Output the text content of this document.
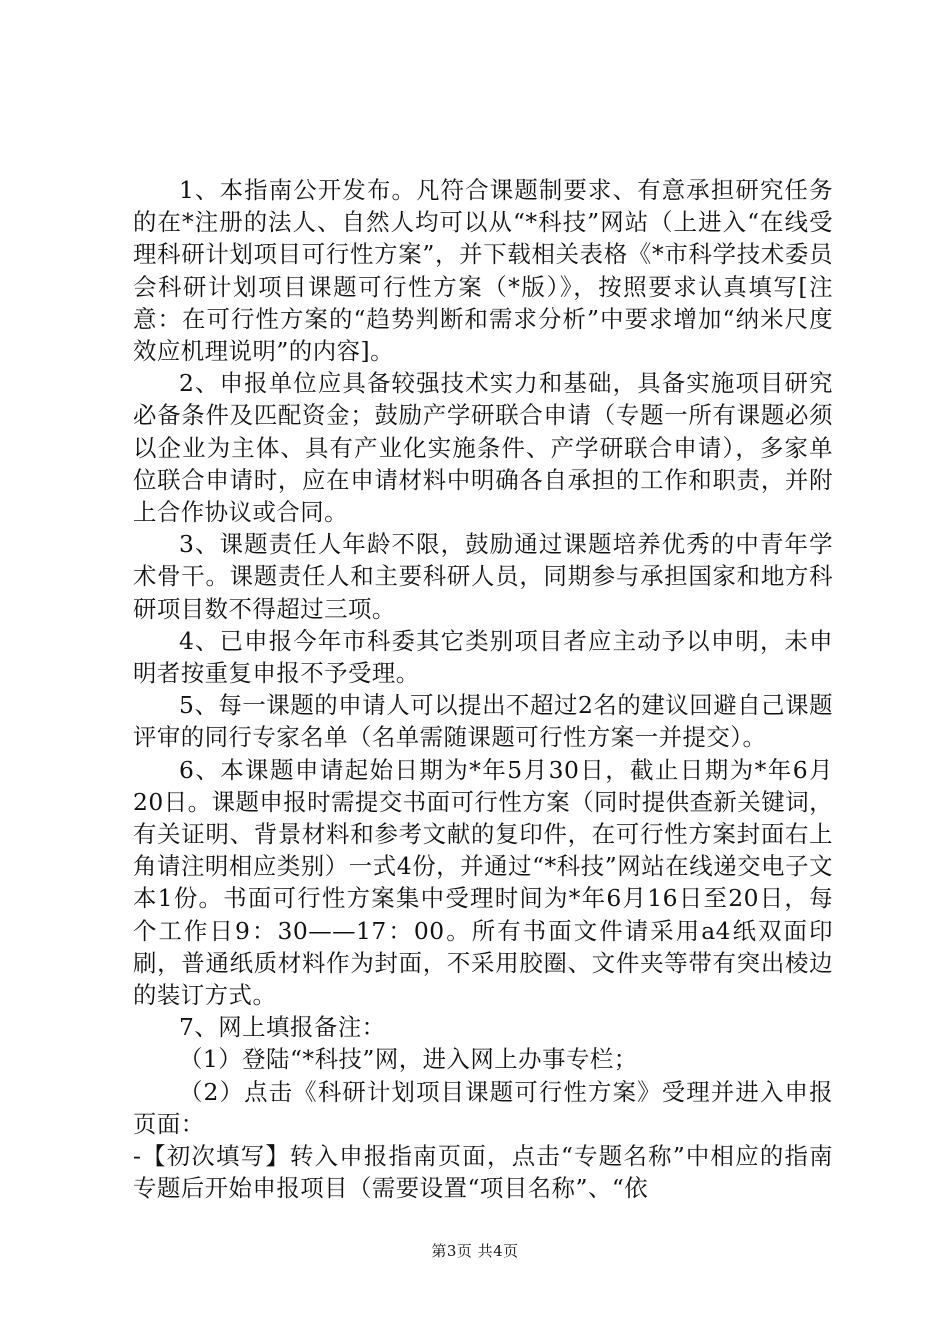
1、本指南公开发布。凡符合课题制要求、有意承担研究任务的在*注册的法人、自然人均可以从“*科技”网站（上进入“在线受理科研计划项目可行性方案”，并下载相关表格《*市科学技术委员会科研计划项目课题可行性方案（*版）》，按照要求认真填写[注意：在可行性方案的“趋势判断和需求分析”中要求增加“纳米尺度效应机理说明”的内容]。

2、申报单位应具备较强技术实力和基础，具备实施项目研究必备条件及匹配资金；鼓励产学研联合申请（专题一所有课题必须以企业为主体、具有产业化实施条件、产学研联合申请），多家单位联合申请时，应在申请材料中明确各自承担的工作和职责，并附上合作协议或合同。

3、课题责任人年龄不限，鼓励通过课题培养优秀的中青年学术骨干。课题责任人和主要科研人员，同期参与承担国家和地方科研项目数不得超过三项。

4、已申报今年市科委其它类别项目者应主动予以申明，未申明者按重复申报不予受理。

5、每一课题的申请人可以提出不超过2名的建议回避自己课题评审的同行专家名单（名单需随课题可行性方案一并提交）。

6、本课题申请起始日期为*年5月30日，截止日期为*年6月20日。课题申报时需提交书面可行性方案（同时提供查新关键词，有关证明、背景材料和参考文献的复印件，在可行性方案封面右上角请注明相应类别）一式4份，并通过“*科技”网站在线递交电子文本1份。书面可行性方案集中受理时间为*年6月16日至20日，每个工作日9：30——17：00。所有书面文件请采用a4纸双面印刷，普通纸质材料作为封面，不采用胶圈、文件夹等带有突出棱边的装订方式。

7、网上填报备注：

（1）登陆“*科技”网，进入网上办事专栏；

（2）点击《科研计划项目课题可行性方案》受理并进入申报页面：

-【初次填写】转入申报指南页面，点击“专题名称”中相应的指南专题后开始申报项目（需要设置“项目名称”、“依

第3页 共4页
